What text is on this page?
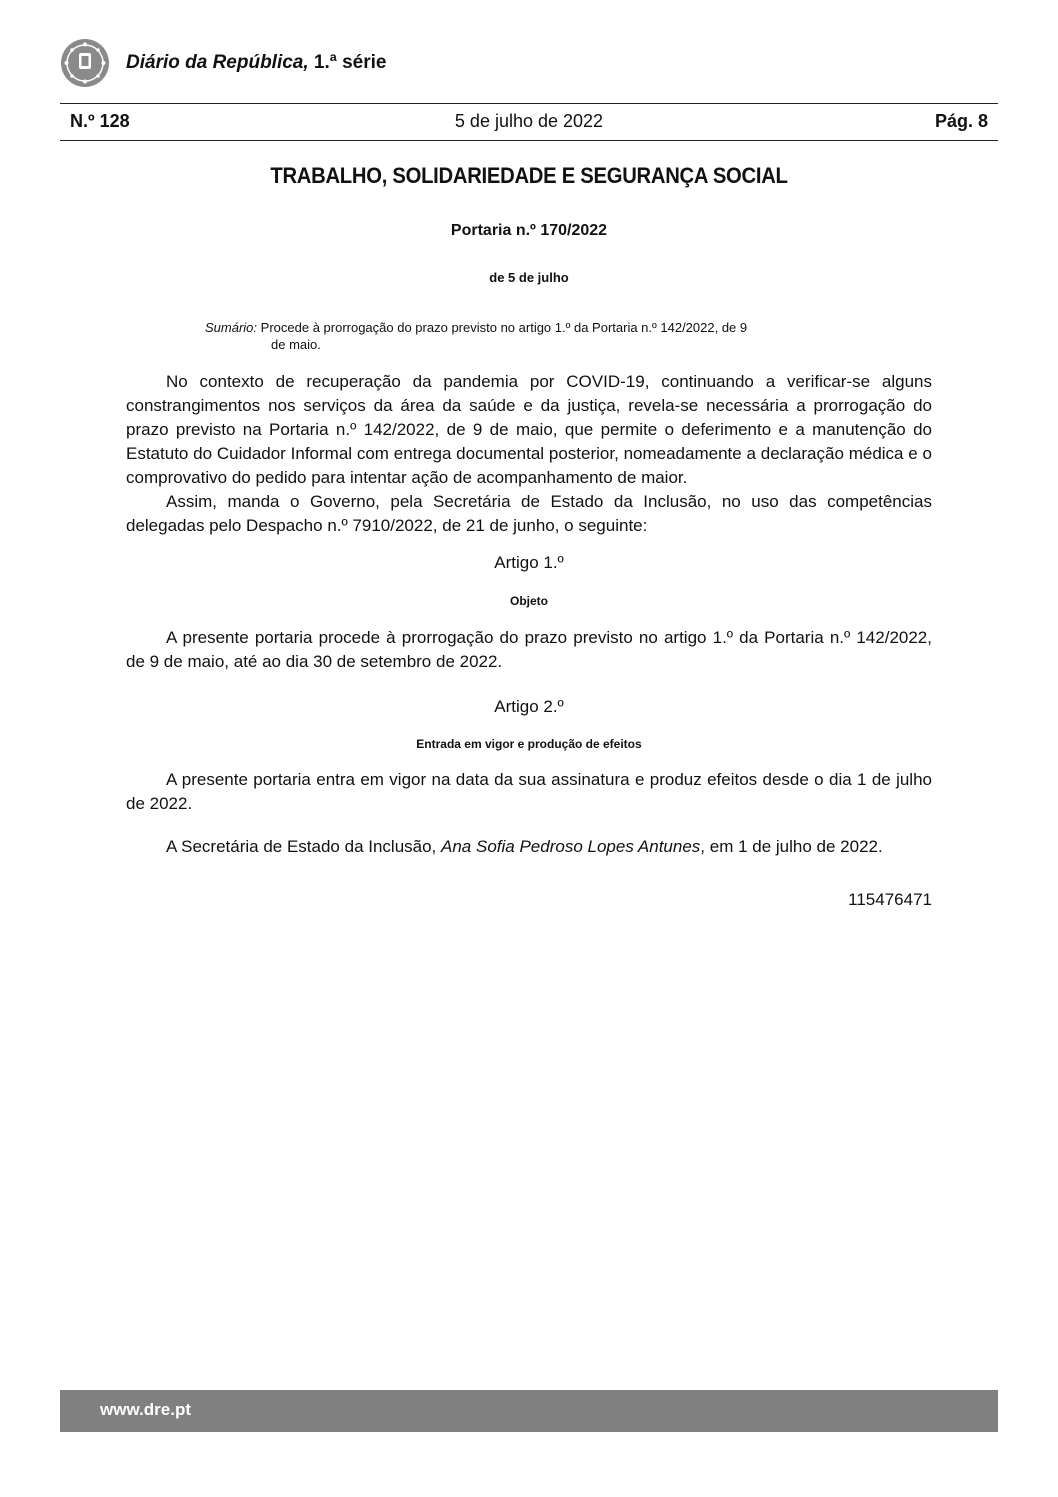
Diário da República, 1.ª série
N.º 128	5 de julho de 2022	Pág. 8
TRABALHO, SOLIDARIEDADE E SEGURANÇA SOCIAL
Portaria n.º 170/2022
de 5 de julho
Sumário: Procede à prorrogação do prazo previsto no artigo 1.º da Portaria n.º 142/2022, de 9
de maio.

No contexto de recuperação da pandemia por COVID-19, continuando a verificar-se alguns constrangimentos nos serviços da área da saúde e da justiça, revela-se necessária a prorrogação do prazo previsto na Portaria n.º 142/2022, de 9 de maio, que permite o deferimento e a manutenção do Estatuto do Cuidador Informal com entrega documental posterior, nomeadamente a declaração médica e o comprovativo do pedido para intentar ação de acompanhamento de maior.

Assim, manda o Governo, pela Secretária de Estado da Inclusão, no uso das competências delegadas pelo Despacho n.º 7910/2022, de 21 de junho, o seguinte:

Artigo 1.º
Objeto

A presente portaria procede à prorrogação do prazo previsto no artigo 1.º da Portaria n.º 142/2022, de 9 de maio, até ao dia 30 de setembro de 2022.

Artigo 2.º
Entrada em vigor e produção de efeitos

A presente portaria entra em vigor na data da sua assinatura e produz efeitos desde o dia 1 de julho de 2022.

A Secretária de Estado da Inclusão, Ana Sofia Pedroso Lopes Antunes, em 1 de julho de 2022.

115476471
www.dre.pt
